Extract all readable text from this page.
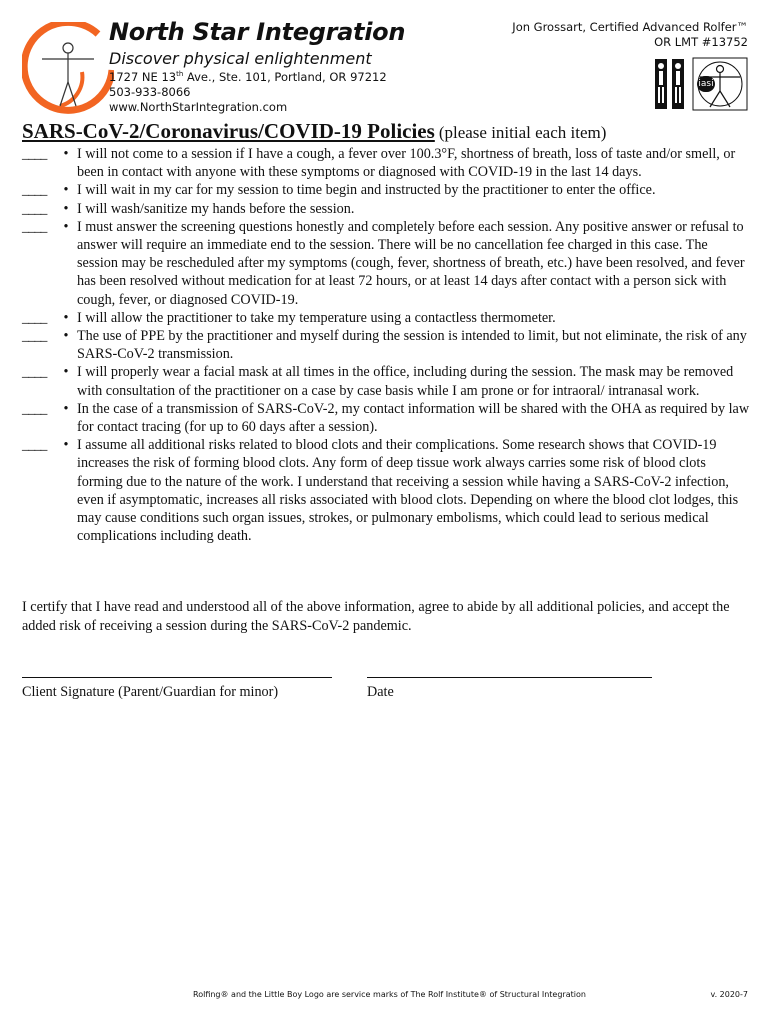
North Star Integration
Discover physical enlightenment
1727 NE 13th Ave., Ste. 101, Portland, OR 97212
503-933-8066
www.NorthStarIntegration.com
Jon Grossart, Certified Advanced Rolfer™
OR LMT #13752
iasi
SARS-CoV-2/Coronavirus/COVID-19 Policies (please initial each item)
____	• I will not come to a session if I have a cough, a fever over 100.3°F, shortness of breath, loss of taste and/or smell, or been in contact with anyone with these symptoms or diagnosed with COVID-19 in the last 14 days.
____	• I will wait in my car for my session to time begin and instructed by the practitioner to enter the office.
____	• I will wash/sanitize my hands before the session.
____	• I must answer the screening questions honestly and completely before each session. Any positive answer or refusal to answer will require an immediate end to the session. There will be no cancellation fee charged in this case. The session may be rescheduled after my symptoms (cough, fever, shortness of breath, etc.) have been resolved, and fever has been resolved without medication for at least 72 hours, or at least 14 days after contact with a person sick with cough, fever, or diagnosed COVID-19.
____	• I will allow the practitioner to take my temperature using a contactless thermometer.
____	• The use of PPE by the practitioner and myself during the session is intended to limit, but not eliminate, the risk of any SARS-CoV-2 transmission.
____	• I will properly wear a facial mask at all times in the office, including during the session. The mask may be removed with consultation of the practitioner on a case by case basis while I am prone or for intraoral/ intranasal work.
____	• In the case of a transmission of SARS-CoV-2, my contact information will be shared with the OHA as required by law for contact tracing (for up to 60 days after a session).
____	• I assume all additional risks related to blood clots and their complications. Some research shows that COVID-19 increases the risk of forming blood clots. Any form of deep tissue work always carries some risk of blood clots forming due to the nature of the work. I understand that receiving a session while having a SARS-CoV-2 infection, even if asymptomatic, increases all risks associated with blood clots. Depending on where the blood clot lodges, this may cause conditions such organ issues, strokes, or pulmonary embolisms, which could lead to serious medical complications including death.
I certify that I have read and understood all of the above information, agree to abide by all additional policies, and accept the added risk of receiving a session during the SARS-CoV-2 pandemic.
Client Signature (Parent/Guardian for minor)	Date
Rolfing® and the Little Boy Logo are service marks of The Rolf Institute® of Structural Integration	v. 2020-7
